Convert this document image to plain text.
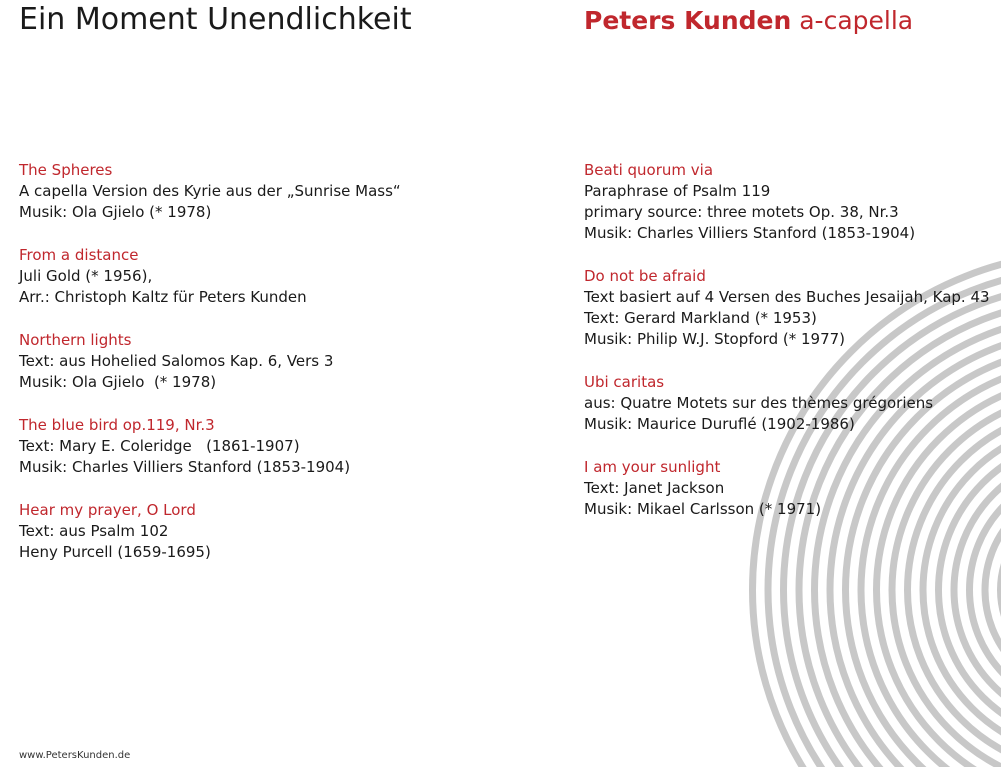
Ein Moment Unendlichkeit	Peters Kunden a-capella
The Spheres
A capella Version des Kyrie aus der „Sunrise Mass“
Musik: Ola Gjielo (* 1978)
From a distance
Juli Gold (* 1956),
Arr.: Christoph Kaltz für Peters Kunden
Northern lights
Text: aus Hohelied Salomos Kap. 6, Vers 3
Musik: Ola Gjielo  (* 1978)
The blue bird op.119, Nr.3
Text: Mary E. Coleridge   (1861-1907)
Musik: Charles Villiers Stanford (1853-1904)
Hear my prayer, O Lord
Text: aus Psalm 102
Heny Purcell (1659-1695)
Beati quorum via
Paraphrase of Psalm 119
primary source: three motets Op. 38, Nr.3
Musik: Charles Villiers Stanford (1853-1904)
Do not be afraid
Text basiert auf 4 Versen des Buches Jesaijah, Kap. 43
Text: Gerard Markland (* 1953)
Musik: Philip W.J. Stopford (* 1977)
Ubi caritas
aus: Quatre Motets sur des thèmes grégoriens
Musik: Maurice Duruflé (1902-1986)
I am your sunlight
Text: Janet Jackson
Musik: Mikael Carlsson (* 1971)
www.PetersKunden.de
